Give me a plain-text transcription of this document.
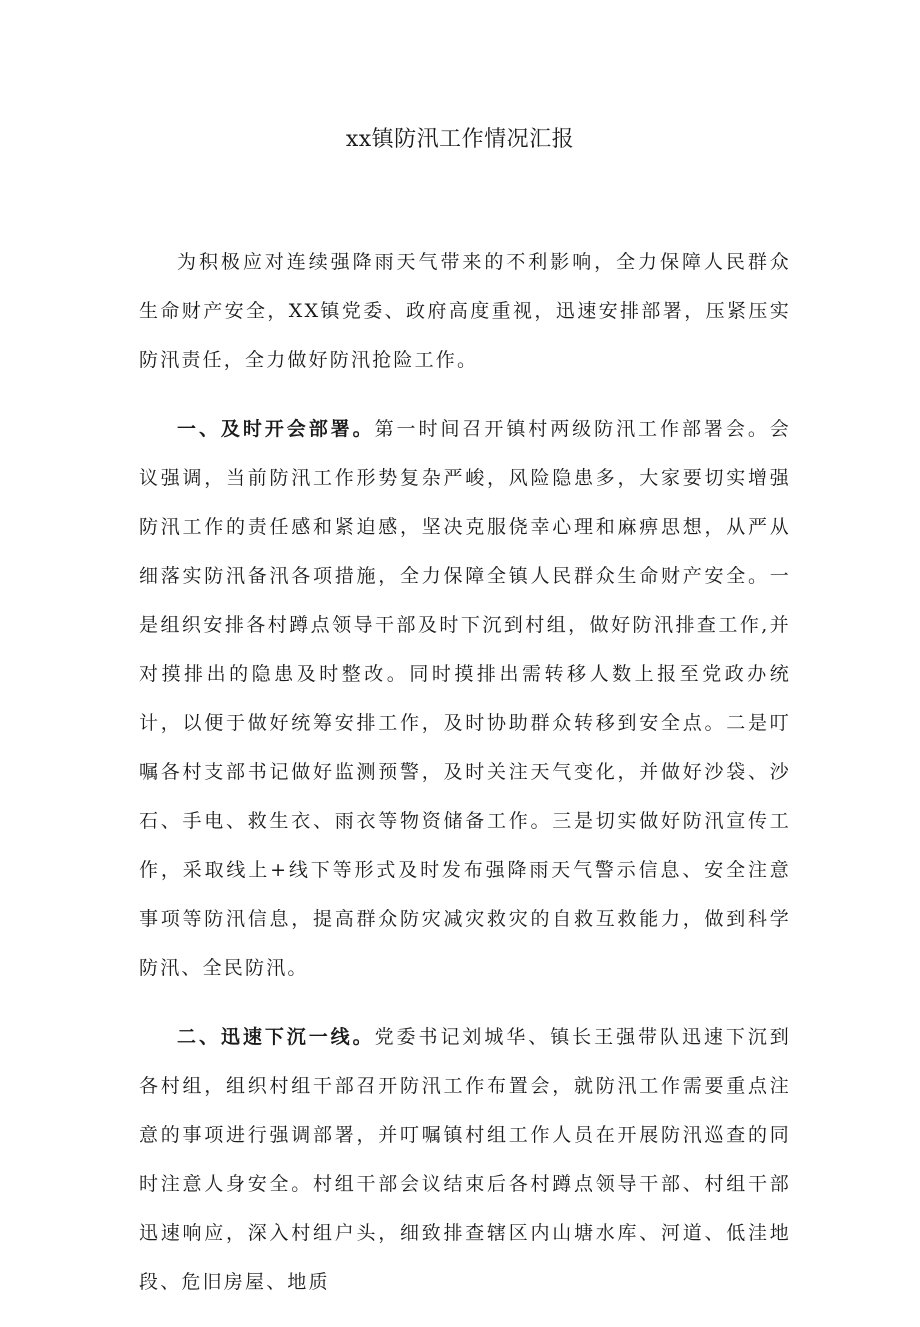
xx镇防汛工作情况汇报

为积极应对连续强降雨天气带来的不利影响，全力保障人民群众生命财产安全，XX镇党委、政府高度重视，迅速安排部署，压紧压实防汛责任，全力做好防汛抢险工作。

一、及时开会部署。第一时间召开镇村两级防汛工作部署会。会议强调，当前防汛工作形势复杂严峻，风险隐患多，大家要切实增强防汛工作的责任感和紧迫感，坚决克服侥幸心理和麻痹思想，从严从细落实防汛备汛各项措施，全力保障全镇人民群众生命财产安全。一是组织安排各村蹲点领导干部及时下沉到村组，做好防汛排查工作,并对摸排出的隐患及时整改。同时摸排出需转移人数上报至党政办统计，以便于做好统筹安排工作，及时协助群众转移到安全点。二是叮嘱各村支部书记做好监测预警，及时关注天气变化，并做好沙袋、沙石、手电、救生衣、雨衣等物资储备工作。三是切实做好防汛宣传工作，采取线上+线下等形式及时发布强降雨天气警示信息、安全注意事项等防汛信息，提高群众防灾减灾救灾的自救互救能力，做到科学防汛、全民防汛。

二、迅速下沉一线。党委书记刘城华、镇长王强带队迅速下沉到各村组，组织村组干部召开防汛工作布置会，就防汛工作需要重点注意的事项进行强调部署，并叮嘱镇村组工作人员在开展防汛巡查的同时注意人身安全。村组干部会议结束后各村蹲点领导干部、村组干部迅速响应，深入村组户头，细致排查辖区内山塘水库、河道、低洼地段、危旧房屋、地质
